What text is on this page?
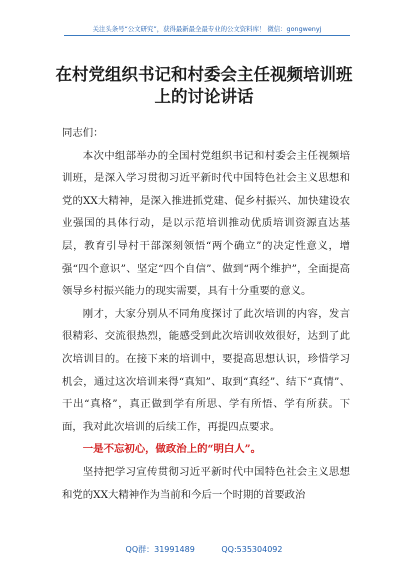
关注头条号“公文研究”，获得最新最全最专业的公文资料库！ 微信：gongwenyj
在村党组织书记和村委会主任视频培训班
上的讨论讲话

同志们：

本次中组部举办的全国村党组织书记和村委会主任视频培训班，是深入学习贯彻习近平新时代中国特色社会主义思想和党的XX大精神，是深入推进抓党建、促乡村振兴、加快建设农业强国的具体行动，是以示范培训推动优质培训资源直达基层，教育引导村干部深刻领悟“两个确立”的决定性意义，增强“四个意识”、坚定“四个自信”、做到“两个维护”，全面提高领导乡村振兴能力的现实需要，具有十分重要的意义。

刚才，大家分别从不同角度探讨了此次培训的内容，发言很精彩、交流很热烈，能感受到此次培训收效很好，达到了此次培训目的。在接下来的培训中，要提高思想认识，珍惜学习机会，通过这次培训来得“真知”、取到“真经”、结下“真情”、干出“真格”，真正做到学有所思、学有所悟、学有所获。下面，我对此次培训的后续工作，再提四点要求。

一是不忘初心，做政治上的“明白人”。

坚持把学习宣传贯彻习近平新时代中国特色社会主义思想和党的XX大精神作为当前和今后一个时期的首要政治

QQ群：31991489	QQ:535304092
